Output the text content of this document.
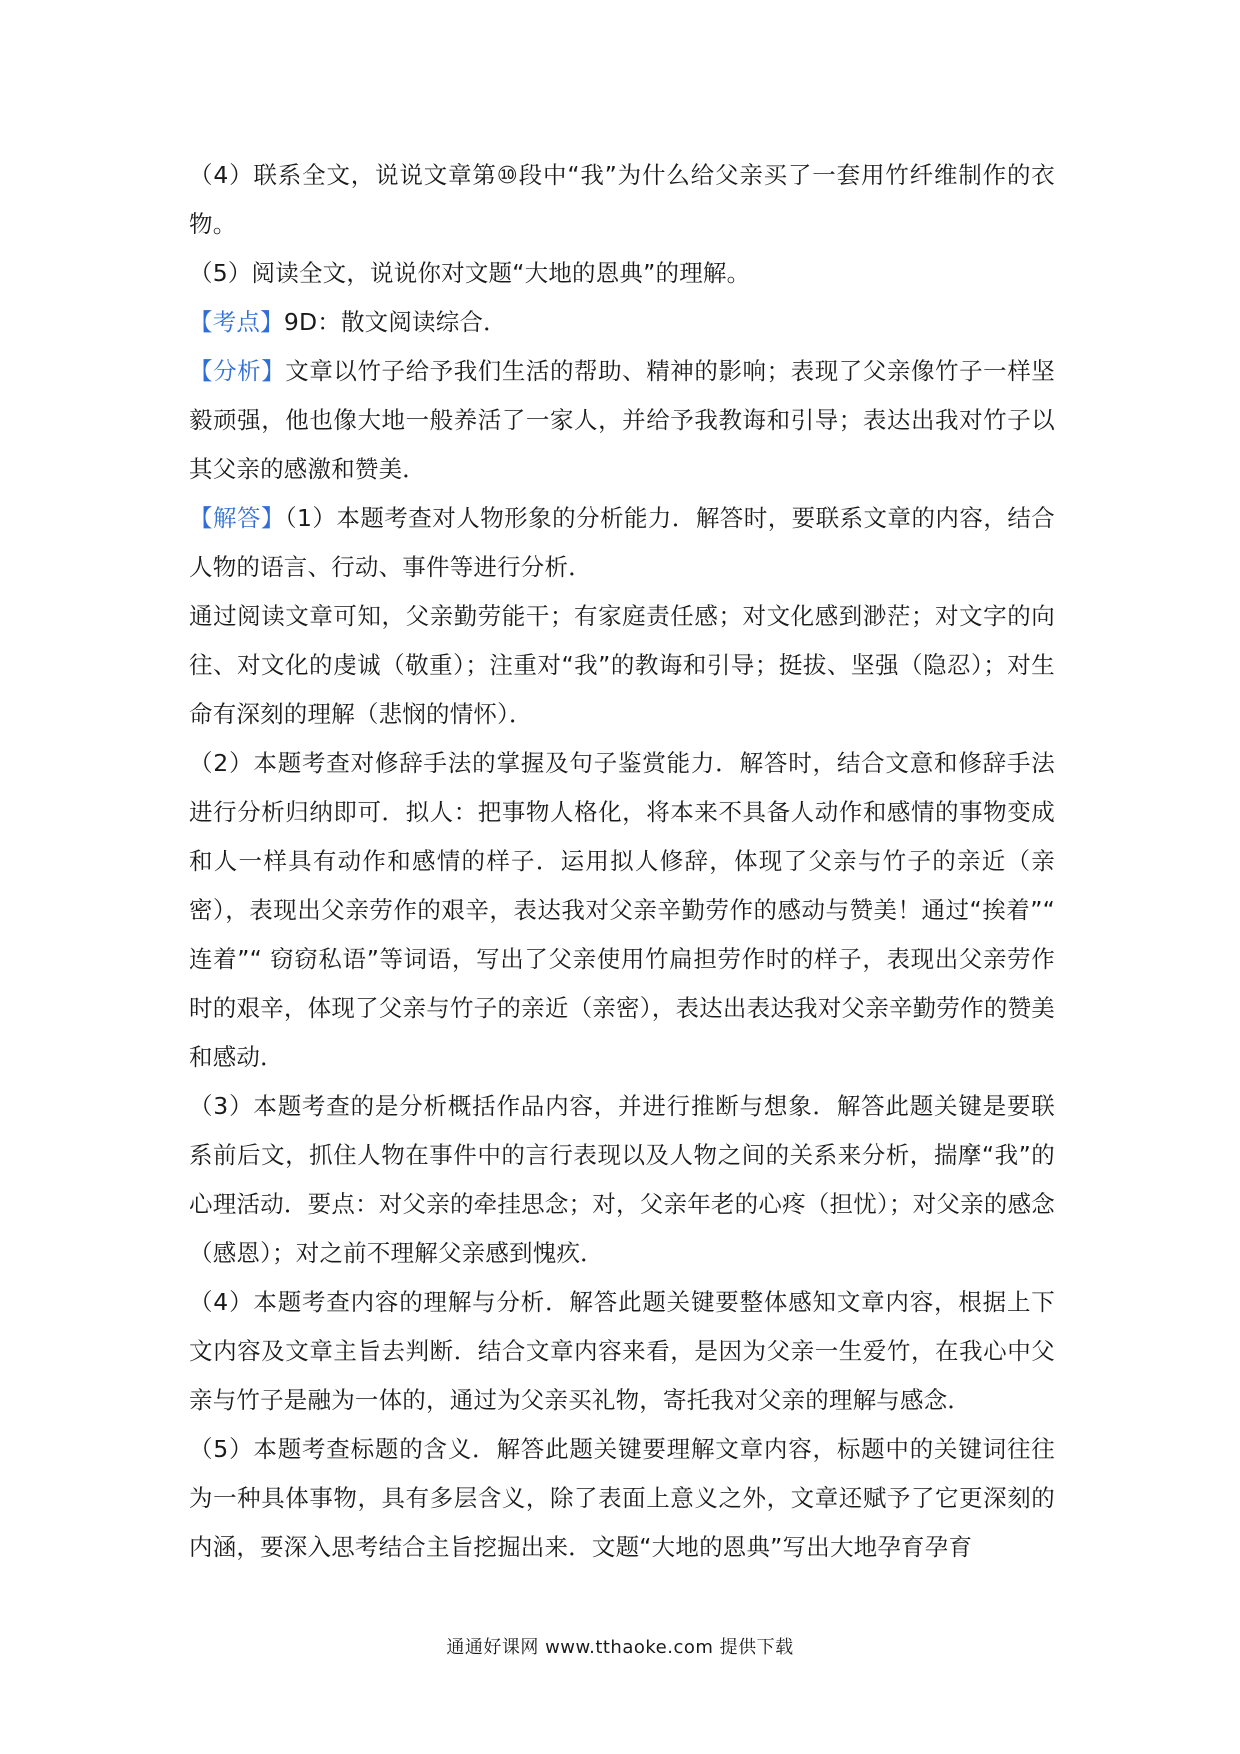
（4）联系全文，说说文章第⑩段中“我”为什么给父亲买了一套用竹纤维制作的衣物。

（5）阅读全文，说说你对文题“大地的恩典”的理解。

【考点】9D：散文阅读综合．

【分析】文章以竹子给予我们生活的帮助、精神的影响；表现了父亲像竹子一样坚毅顽强，他也像大地一般养活了一家人，并给予我教诲和引导；表达出我对竹子以其父亲的感激和赞美．

【解答】（1）本题考查对人物形象的分析能力．解答时，要联系文章的内容，结合人物的语言、行动、事件等进行分析．

通过阅读文章可知，父亲勤劳能干；有家庭责任感；对文化感到渺茫；对文字的向往、对文化的虔诚（敬重）；注重对“我”的教诲和引导；挺拔、坚强（隐忍）；对生命有深刻的理解（悲悯的情怀）．

（2）本题考查对修辞手法的掌握及句子鉴赏能力．解答时，结合文意和修辞手法进行分析归纳即可．拟人：把事物人格化，将本来不具备人动作和感情的事物变成和人一样具有动作和感情的样子．运用拟人修辞，体现了父亲与竹子的亲近（亲密），表现出父亲劳作的艰辛，表达我对父亲辛勤劳作的感动与赞美！通过“挨着”“ 连着”“ 窃窃私语”等词语，写出了父亲使用竹扁担劳作时的样子，表现出父亲劳作时的艰辛，体现了父亲与竹子的亲近（亲密），表达出表达我对父亲辛勤劳作的赞美和感动．

（3）本题考查的是分析概括作品内容，并进行推断与想象．解答此题关键是要联系前后文，抓住人物在事件中的言行表现以及人物之间的关系来分析，揣摩“我”的心理活动．要点：对父亲的牵挂思念；对，父亲年老的心疼（担忧）；对父亲的感念（感恩）；对之前不理解父亲感到愧疚．

（4）本题考查内容的理解与分析．解答此题关键要整体感知文章内容，根据上下文内容及文章主旨去判断．结合文章内容来看，是因为父亲一生爱竹，在我心中父亲与竹子是融为一体的，通过为父亲买礼物，寄托我对父亲的理解与感念．

（5）本题考查标题的含义．解答此题关键要理解文章内容，标题中的关键词往往为一种具体事物，具有多层含义，除了表面上意义之外，文章还赋予了它更深刻的内涵，要深入思考结合主旨挖掘出来．文题“大地的恩典”写出大地孕育孕育

通通好课网 www.tthaoke.com 提供下载
